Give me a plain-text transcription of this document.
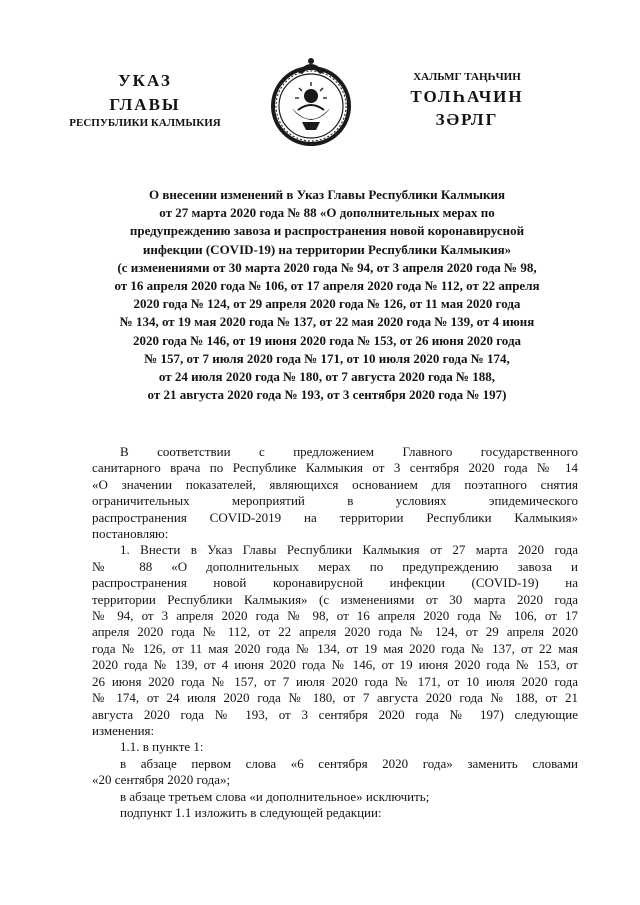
УКАЗ
ГЛАВЫ
РЕСПУБЛИКИ КАЛМЫКИЯ
ХАЛЬМГ ТАҢҺЧИН
ТОЛҺАЧИН
ЗӘРЛГ
О внесении изменений в Указ Главы Республики Калмыкия
от 27 марта 2020 года № 88 «О дополнительных мерах по
предупреждению завоза и распространения новой коронавирусной
инфекции (COVID-19) на территории Республики Калмыкия»
(с изменениями от 30 марта 2020 года № 94, от 3 апреля 2020 года № 98,
от 16 апреля 2020 года № 106, от 17 апреля 2020 года № 112, от 22 апреля
2020 года № 124, от 29 апреля 2020 года № 126, от 11 мая 2020 года
№ 134, от 19 мая 2020 года № 137, от 22 мая 2020 года № 139, от 4 июня
2020 года № 146, от 19 июня 2020 года № 153, от 26 июня 2020 года
№ 157, от 7 июля 2020 года № 171, от 10 июля 2020 года № 174,
от 24 июля 2020 года № 180, от 7 августа 2020 года № 188,
от 21 августа 2020 года № 193, от 3 сентября 2020 года № 197)
В соответствии с предложением Главного государственного
санитарного врача по Республике Калмыкия от 3 сентября 2020 года № 14
«О значении показателей, являющихся основанием для поэтапного снятия
ограничительных мероприятий в условиях эпидемического
распространения COVID-2019 на территории Республики Калмыкия»
постановляю:
1. Внести в Указ Главы Республики Калмыкия от 27 марта 2020 года
№ 88 «О дополнительных мерах по предупреждению завоза и
распространения новой коронавирусной инфекции (COVID-19) на
территории Республики Калмыкия» (с изменениями от 30 марта 2020 года
№ 94, от 3 апреля 2020 года № 98, от 16 апреля 2020 года № 106, от 17
апреля 2020 года № 112, от 22 апреля 2020 года № 124, от 29 апреля 2020
года № 126, от 11 мая 2020 года № 134, от 19 мая 2020 года № 137, от 22 мая
2020 года № 139, от 4 июня 2020 года № 146, от 19 июня 2020 года № 153, от
26 июня 2020 года № 157, от 7 июля 2020 года № 171, от 10 июля 2020 года
№ 174, от 24 июля 2020 года № 180, от 7 августа 2020 года № 188, от 21
августа 2020 года № 193, от 3 сентября 2020 года № 197) следующие
изменения:
1.1. в пункте 1:
в абзаце первом слова «6 сентября 2020 года» заменить словами
«20 сентября 2020 года»;
в абзаце третьем слова «и дополнительное» исключить;
подпункт 1.1 изложить в следующей редакции:
